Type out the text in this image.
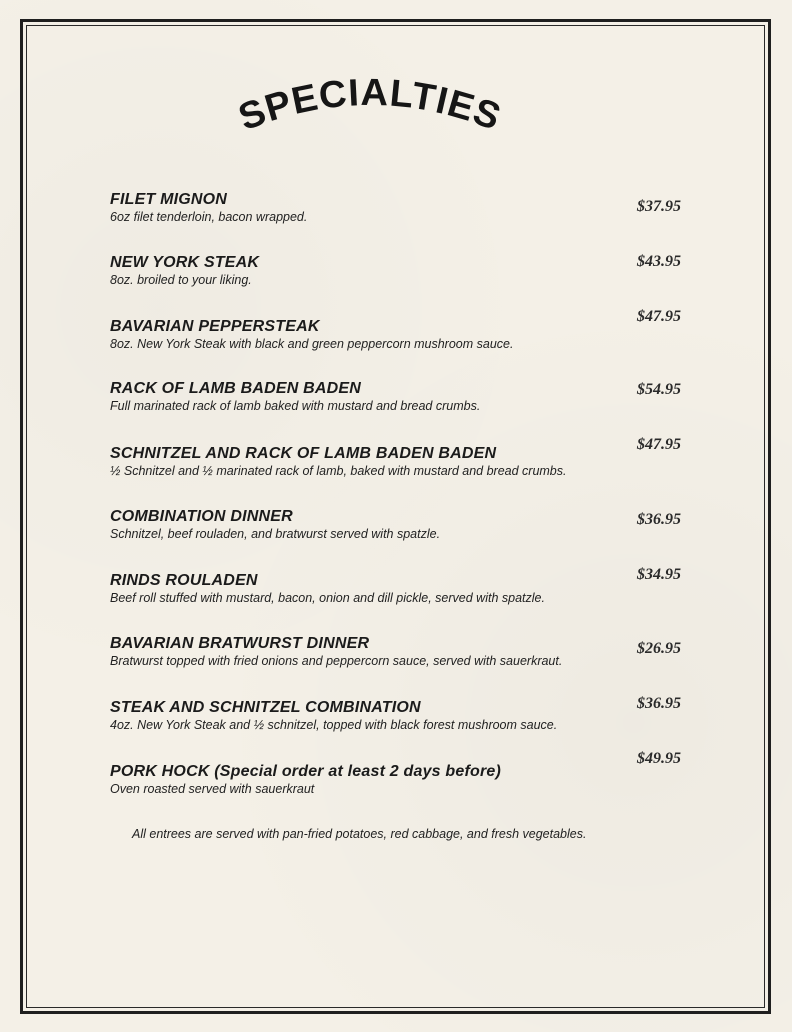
SPECIALTIES
FILET MIGNON
6oz filet tenderloin, bacon wrapped.
$37.95
NEW YORK STEAK
8oz. broiled to your liking.
$43.95
BAVARIAN PEPPERSTEAK
8oz. New York Steak with black and green peppercorn mushroom sauce.
$47.95
RACK OF LAMB BADEN BADEN
Full marinated rack of lamb baked with mustard and bread crumbs.
$54.95
SCHNITZEL AND RACK OF LAMB BADEN BADEN
½ Schnitzel and ½ marinated rack of lamb, baked with mustard and bread crumbs.
$47.95
COMBINATION DINNER
Schnitzel, beef rouladen, and bratwurst served with spatzle.
$36.95
RINDS ROULADEN
Beef roll stuffed with mustard, bacon, onion and dill pickle, served with spatzle.
$34.95
BAVARIAN BRATWURST DINNER
Bratwurst topped with fried onions and peppercorn sauce, served with sauerkraut.
$26.95
STEAK AND SCHNITZEL COMBINATION
4oz. New York Steak and ½ schnitzel, topped with black forest mushroom sauce.
$36.95
PORK HOCK (Special order at least 2 days before)
Oven roasted served with sauerkraut
$49.95
All entrees are served with pan-fried potatoes, red cabbage, and fresh vegetables.
